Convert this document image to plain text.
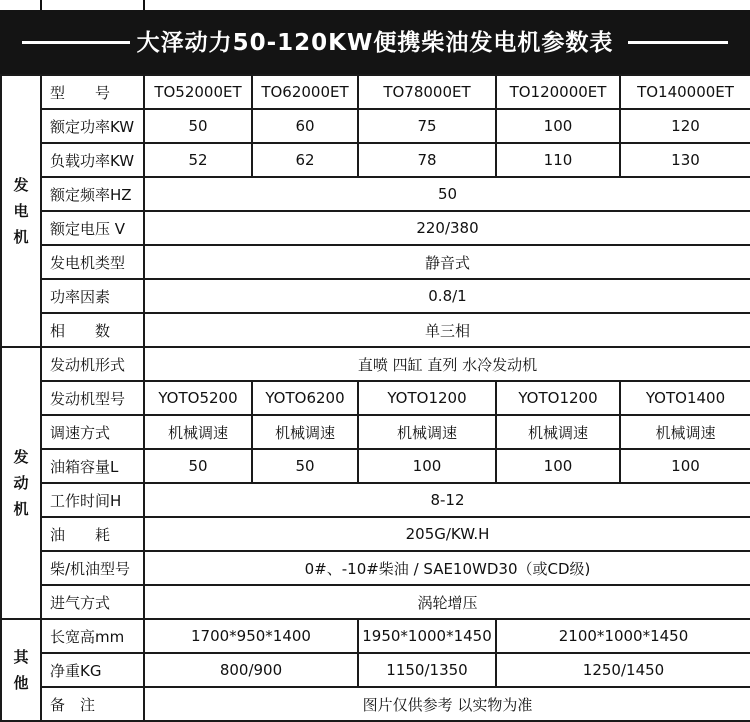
大泽动力50-120KW便携柴油发电机参数表
发
电
机	型　　号	TO52000ET	TO62000ET	TO78000ET	TO120000ET	TO140000ET
	额定功率KW	50	60	75	100	120
	负载功率KW	52	62	78	110	130
	额定频率HZ	50				
	额定电压 V	220/380				
	发电机类型	静音式				
	功率因素	0.8/1				
	相　　数	单三相				

发
动
机	发动机形式	直喷 四缸 直列 水冷发动机				
	发动机型号	YOTO5200	YOTO6200	YOTO1200	YOTO1200	YOTO1400
	调速方式	机械调速	机械调速	机械调速	机械调速	机械调速
	油箱容量L	50	50	100	100	100
	工作时间H	8-12				
	油　　耗	205G/KW.H				
	柴/机油型号	0#、-10#柴油 / SAE10WD30（或CD级)				
	进气方式	涡轮增压				

其
他	长宽高mm	1700*950*1400		1950*1000*1450	2100*1000*1450	
	净重KG	800/900		1150/1350	1250/1450	
	备　注	图片仅供参考 以实物为准				
